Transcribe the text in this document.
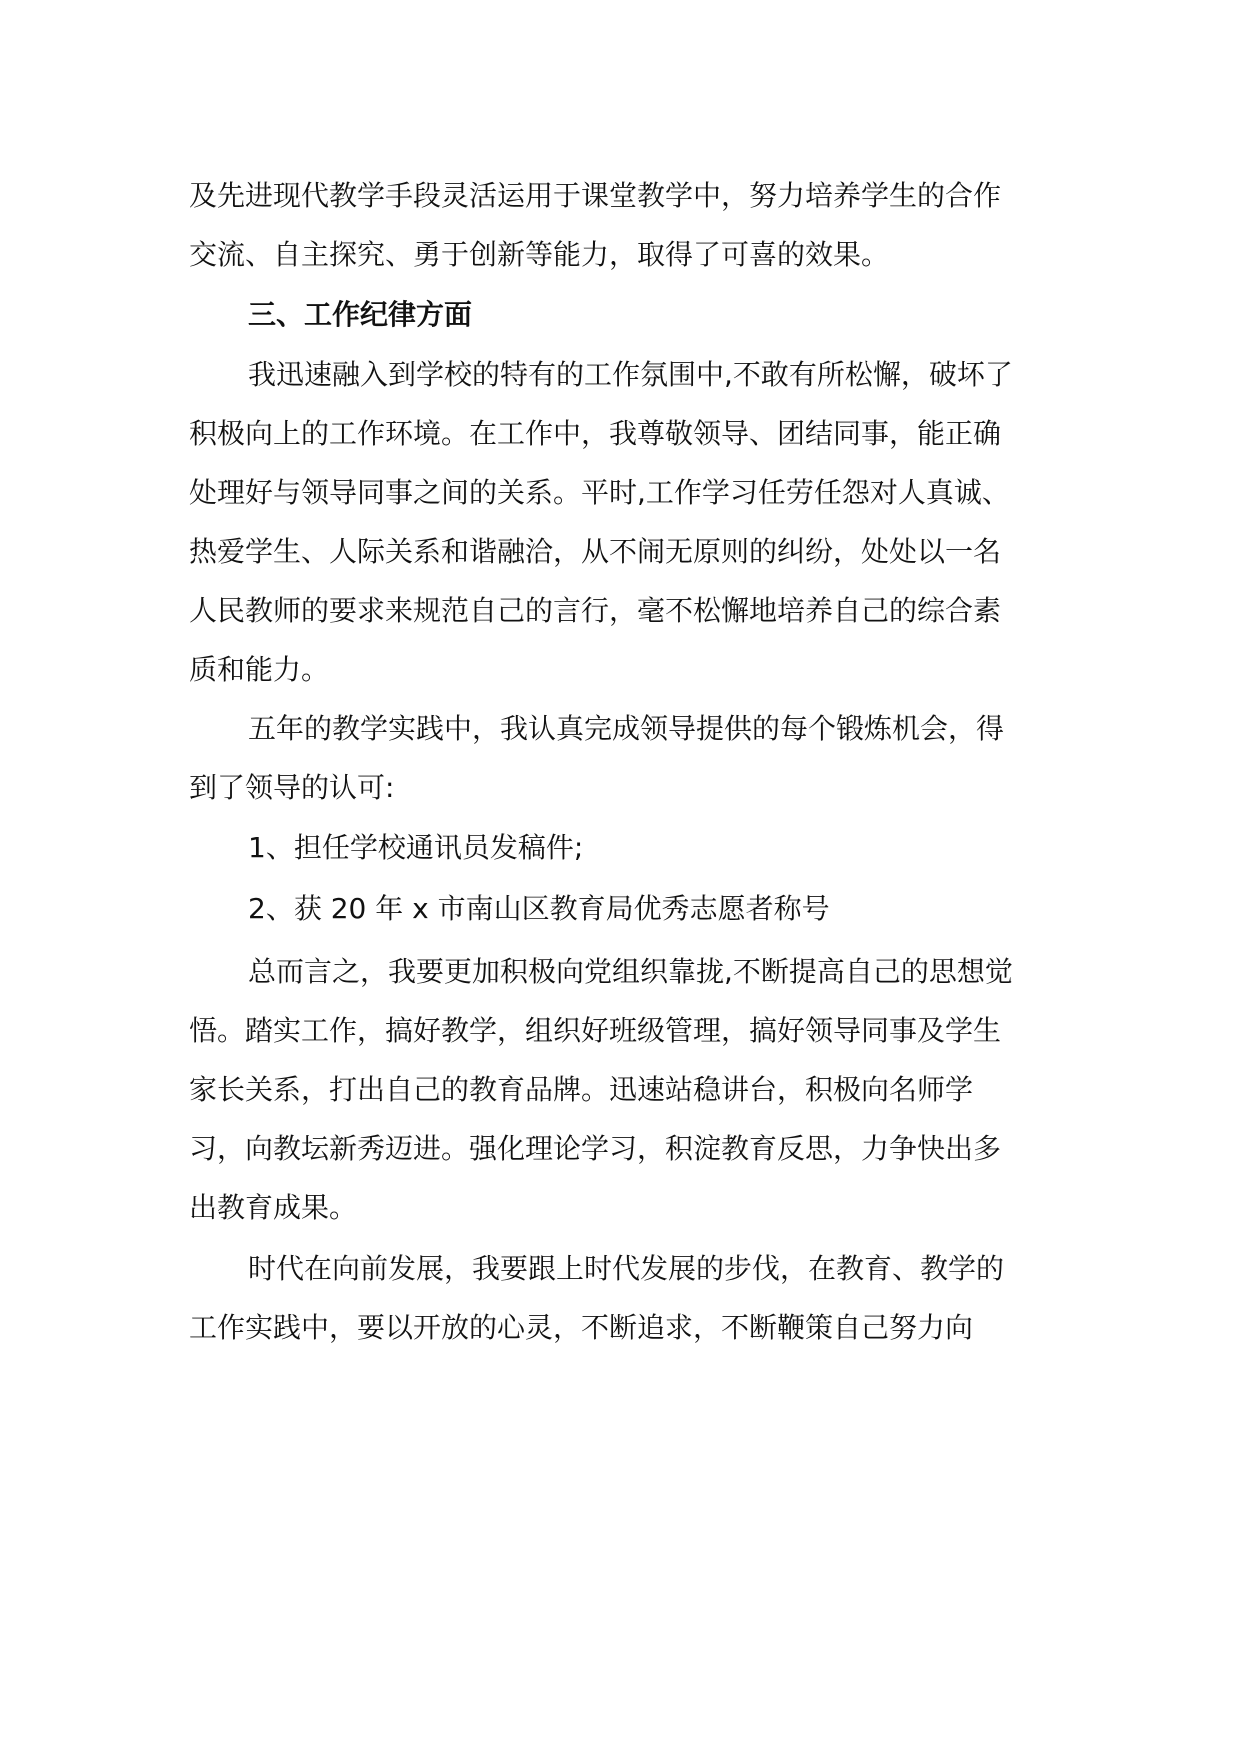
及先进现代教学手段灵活运用于课堂教学中，努力培养学生的合作

交流、自主探究、勇于创新等能力，取得了可喜的效果。

三、工作纪律方面

我迅速融入到学校的特有的工作氛围中,不敢有所松懈，破坏了

积极向上的工作环境。在工作中，我尊敬领导、团结同事，能正确

处理好与领导同事之间的关系。平时,工作学习任劳任怨对人真诚、

热爱学生、人际关系和谐融洽，从不闹无原则的纠纷，处处以一名

人民教师的要求来规范自己的言行，毫不松懈地培养自己的综合素

质和能力。

五年的教学实践中，我认真完成领导提供的每个锻炼机会，得

到了领导的认可:

1、担任学校通讯员发稿件;

2、获 20 年 x 市南山区教育局优秀志愿者称号

总而言之，我要更加积极向党组织靠拢,不断提高自己的思想觉

悟。踏实工作，搞好教学，组织好班级管理，搞好领导同事及学生

家长关系，打出自己的教育品牌。迅速站稳讲台，积极向名师学

习，向教坛新秀迈进。强化理论学习，积淀教育反思，力争快出多

出教育成果。

时代在向前发展，我要跟上时代发展的步伐，在教育、教学的

工作实践中，要以开放的心灵，不断追求，不断鞭策自己努力向
